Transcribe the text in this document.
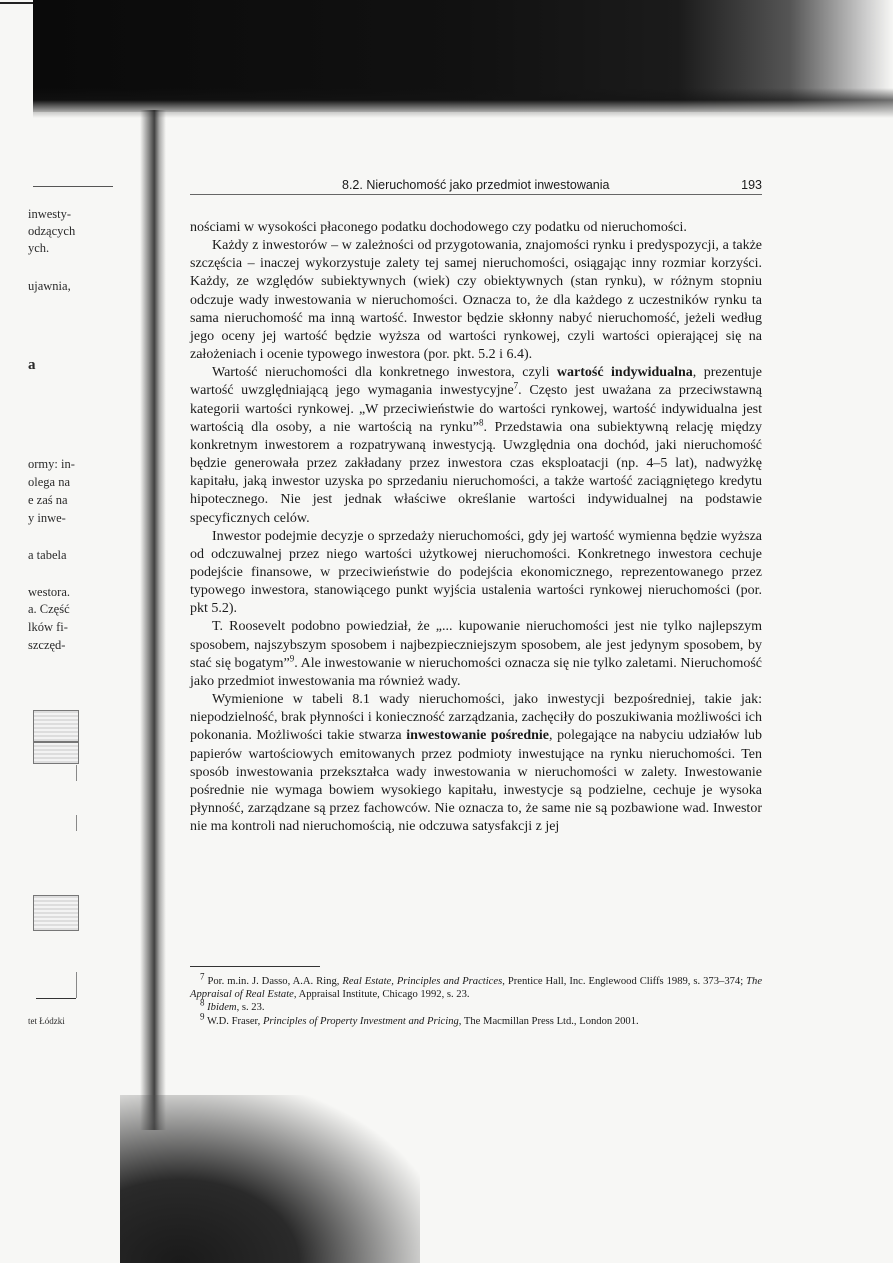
inwesty-
odzących
ych.
ujawnia,
a
ormy: in-
olega na
e zaś na
y inwe-
a tabela
westora.
a. Część
lków fi-
szczęd-
tet Łódzki
8.2. Nieruchomość jako przedmiot inwestowania	193

nościami w wysokości płaconego podatku dochodowego czy podatku od nieruchomości.

Każdy z inwestorów – w zależności od przygotowania, znajomości rynku i predyspozycji, a także szczęścia – inaczej wykorzystuje zalety tej samej nieruchomości, osiągając inny rozmiar korzyści. Każdy, ze względów subiektywnych (wiek) czy obiektywnych (stan rynku), w różnym stopniu odczuje wady inwestowania w nieruchomości. Oznacza to, że dla każdego z uczestników rynku ta sama nieruchomość ma inną wartość. Inwestor będzie skłonny nabyć nieruchomość, jeżeli według jego oceny jej wartość będzie wyższa od wartości rynkowej, czyli wartości opierającej się na założeniach i ocenie typowego inwestora (por. pkt. 5.2 i 6.4).

Wartość nieruchomości dla konkretnego inwestora, czyli wartość indywidualna, prezentuje wartość uwzględniającą jego wymagania inwestycyjne$^7$. Często jest uważana za przeciwstawną kategorii wartości rynkowej. „W przeciwieństwie do wartości rynkowej, wartość indywidualna jest wartością dla osoby, a nie wartością na rynku”$^8$. Przedstawia ona subiektywną relację między konkretnym inwestorem a rozpatrywaną inwestycją. Uwzględnia ona dochód, jaki nieruchomość będzie generowała przez zakładany przez inwestora czas eksploatacji (np. 4–5 lat), nadwyżkę kapitału, jaką inwestor uzyska po sprzedaniu nieruchomości, a także wartość zaciągniętego kredytu hipotecznego. Nie jest jednak właściwe określanie wartości indywidualnej na podstawie specyficznych celów.

Inwestor podejmie decyzje o sprzedaży nieruchomości, gdy jej wartość wymienna będzie wyższa od odczuwalnej przez niego wartości użytkowej nieruchomości. Konkretnego inwestora cechuje podejście finansowe, w przeciwieństwie do podejścia ekonomicznego, reprezentowanego przez typowego inwestora, stanowiącego punkt wyjścia ustalenia wartości rynkowej nieruchomości (por. pkt 5.2).

T. Roosevelt podobno powiedział, że „... kupowanie nieruchomości jest nie tylko najlepszym sposobem, najszybszym sposobem i najbezpieczniejszym sposobem, ale jest jedynym sposobem, by stać się bogatym”$^9$. Ale inwestowanie w nieruchomości oznacza się nie tylko zaletami. Nieruchomość jako przedmiot inwestowania ma również wady.

Wymienione w tabeli 8.1 wady nieruchomości, jako inwestycji bezpośredniej, takie jak: niepodzielność, brak płynności i konieczność zarządzania, zachęciły do poszukiwania możliwości ich pokonania. Możliwości takie stwarza inwestowanie pośrednie, polegające na nabyciu udziałów lub papierów wartościowych emitowanych przez podmioty inwestujące na rynku nieruchomości. Ten sposób inwestowania przekształca wady inwestowania w nieruchomości w zalety. Inwestowanie pośrednie nie wymaga bowiem wysokiego kapitału, inwestycje są podzielne, cechuje je wysoka płynność, zarządzane są przez fachowców. Nie oznacza to, że same nie są pozbawione wad. Inwestor nie ma kontroli nad nieruchomością, nie odczuwa satysfakcji z jej

$^7$ Por. m.in. J. Dasso, A.A. Ring, Real Estate, Principles and Practices, Prentice Hall, Inc. Englewood Cliffs 1989, s. 373–374; The Appraisal of Real Estate, Appraisal Institute, Chicago 1992, s. 23.

$^8$ Ibidem, s. 23.

$^9$ W.D. Fraser, Principles of Property Investment and Pricing, The Macmillan Press Ltd., London 2001.
